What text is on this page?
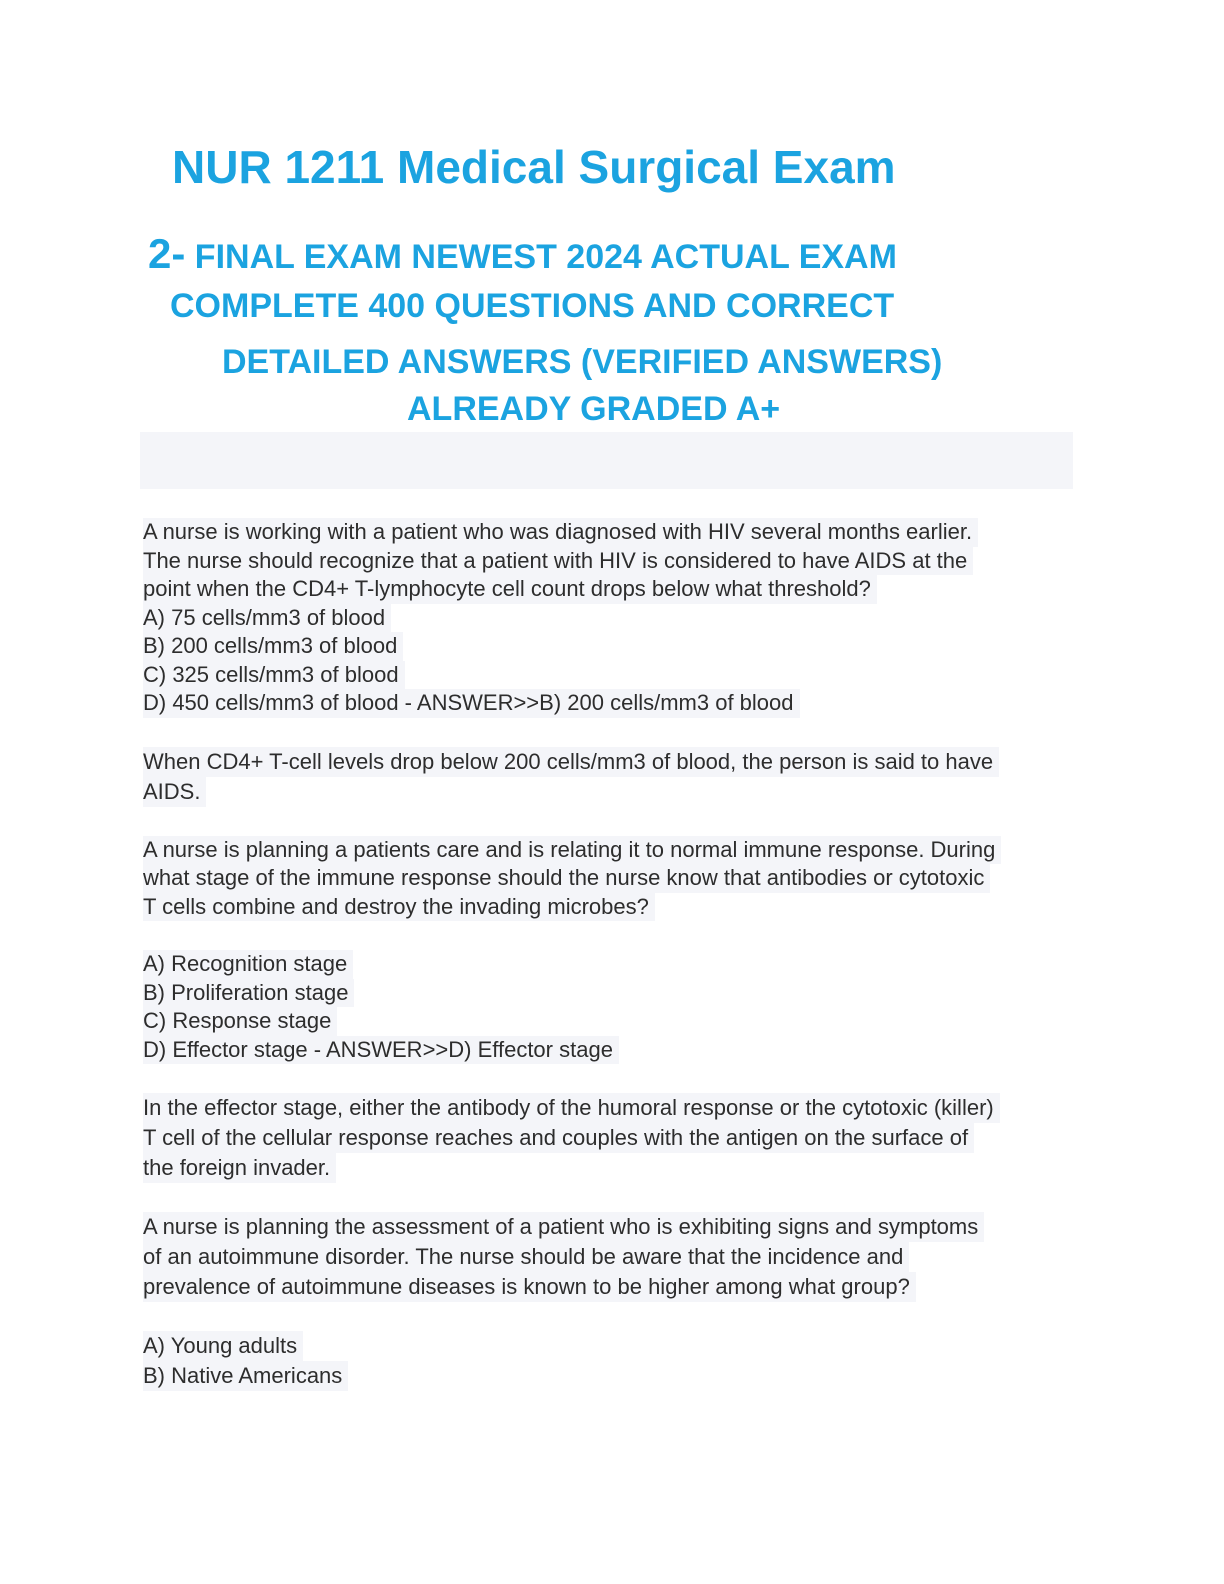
NUR 1211 Medical Surgical Exam
2- FINAL EXAM NEWEST 2024 ACTUAL EXAM
COMPLETE 400 QUESTIONS AND CORRECT
DETAILED ANSWERS (VERIFIED ANSWERS)
ALREADY GRADED A+
A nurse is working with a patient who was diagnosed with HIV several months earlier.
The nurse should recognize that a patient with HIV is considered to have AIDS at the
point when the CD4+ T-lymphocyte cell count drops below what threshold?
A) 75 cells/mm3 of blood
B) 200 cells/mm3 of blood
C) 325 cells/mm3 of blood
D) 450 cells/mm3 of blood - ANSWER>>B) 200 cells/mm3 of blood
When CD4+ T-cell levels drop below 200 cells/mm3 of blood, the person is said to have
AIDS.
A nurse is planning a patients care and is relating it to normal immune response. During
what stage of the immune response should the nurse know that antibodies or cytotoxic
T cells combine and destroy the invading microbes?
A) Recognition stage
B) Proliferation stage
C) Response stage
D) Effector stage - ANSWER>>D) Effector stage
In the effector stage, either the antibody of the humoral response or the cytotoxic (killer)
T cell of the cellular response reaches and couples with the antigen on the surface of
the foreign invader.
A nurse is planning the assessment of a patient who is exhibiting signs and symptoms
of an autoimmune disorder. The nurse should be aware that the incidence and
prevalence of autoimmune diseases is known to be higher among what group?
A) Young adults
B) Native Americans
